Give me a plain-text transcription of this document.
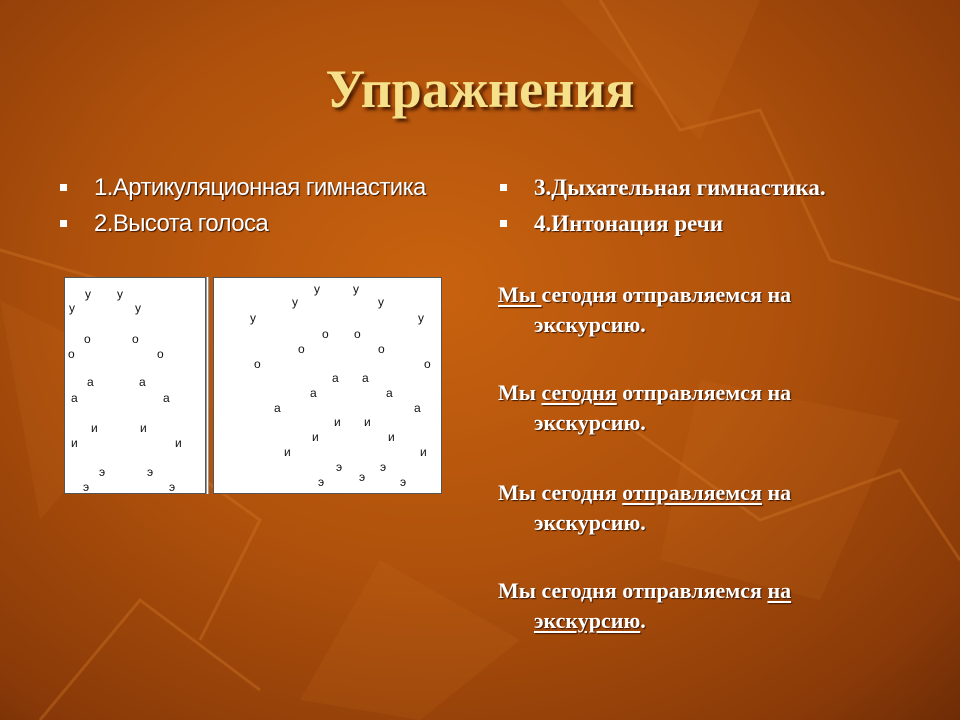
Упражнения
1.Артикуляционная гимнастика
2.Высота голоса
3.Дыхательная гимнастика.
4.Интонация речи
у
у у
у
о
о	о
о
а
а	а
а
и
и	и
и
э
э	э
э
у
у
у	у
у
у
о
о
о о
о
о
а
а
а а
а
а
и
и
и и
и
и
э
э	э
э
э
Мы сегодня отправляемся на
экскурсию.
Мы сегодня отправляемся на
экскурсию.
Мы сегодня отправляемся на
экскурсию.
Мы сегодня отправляемся на
экскурсию.
